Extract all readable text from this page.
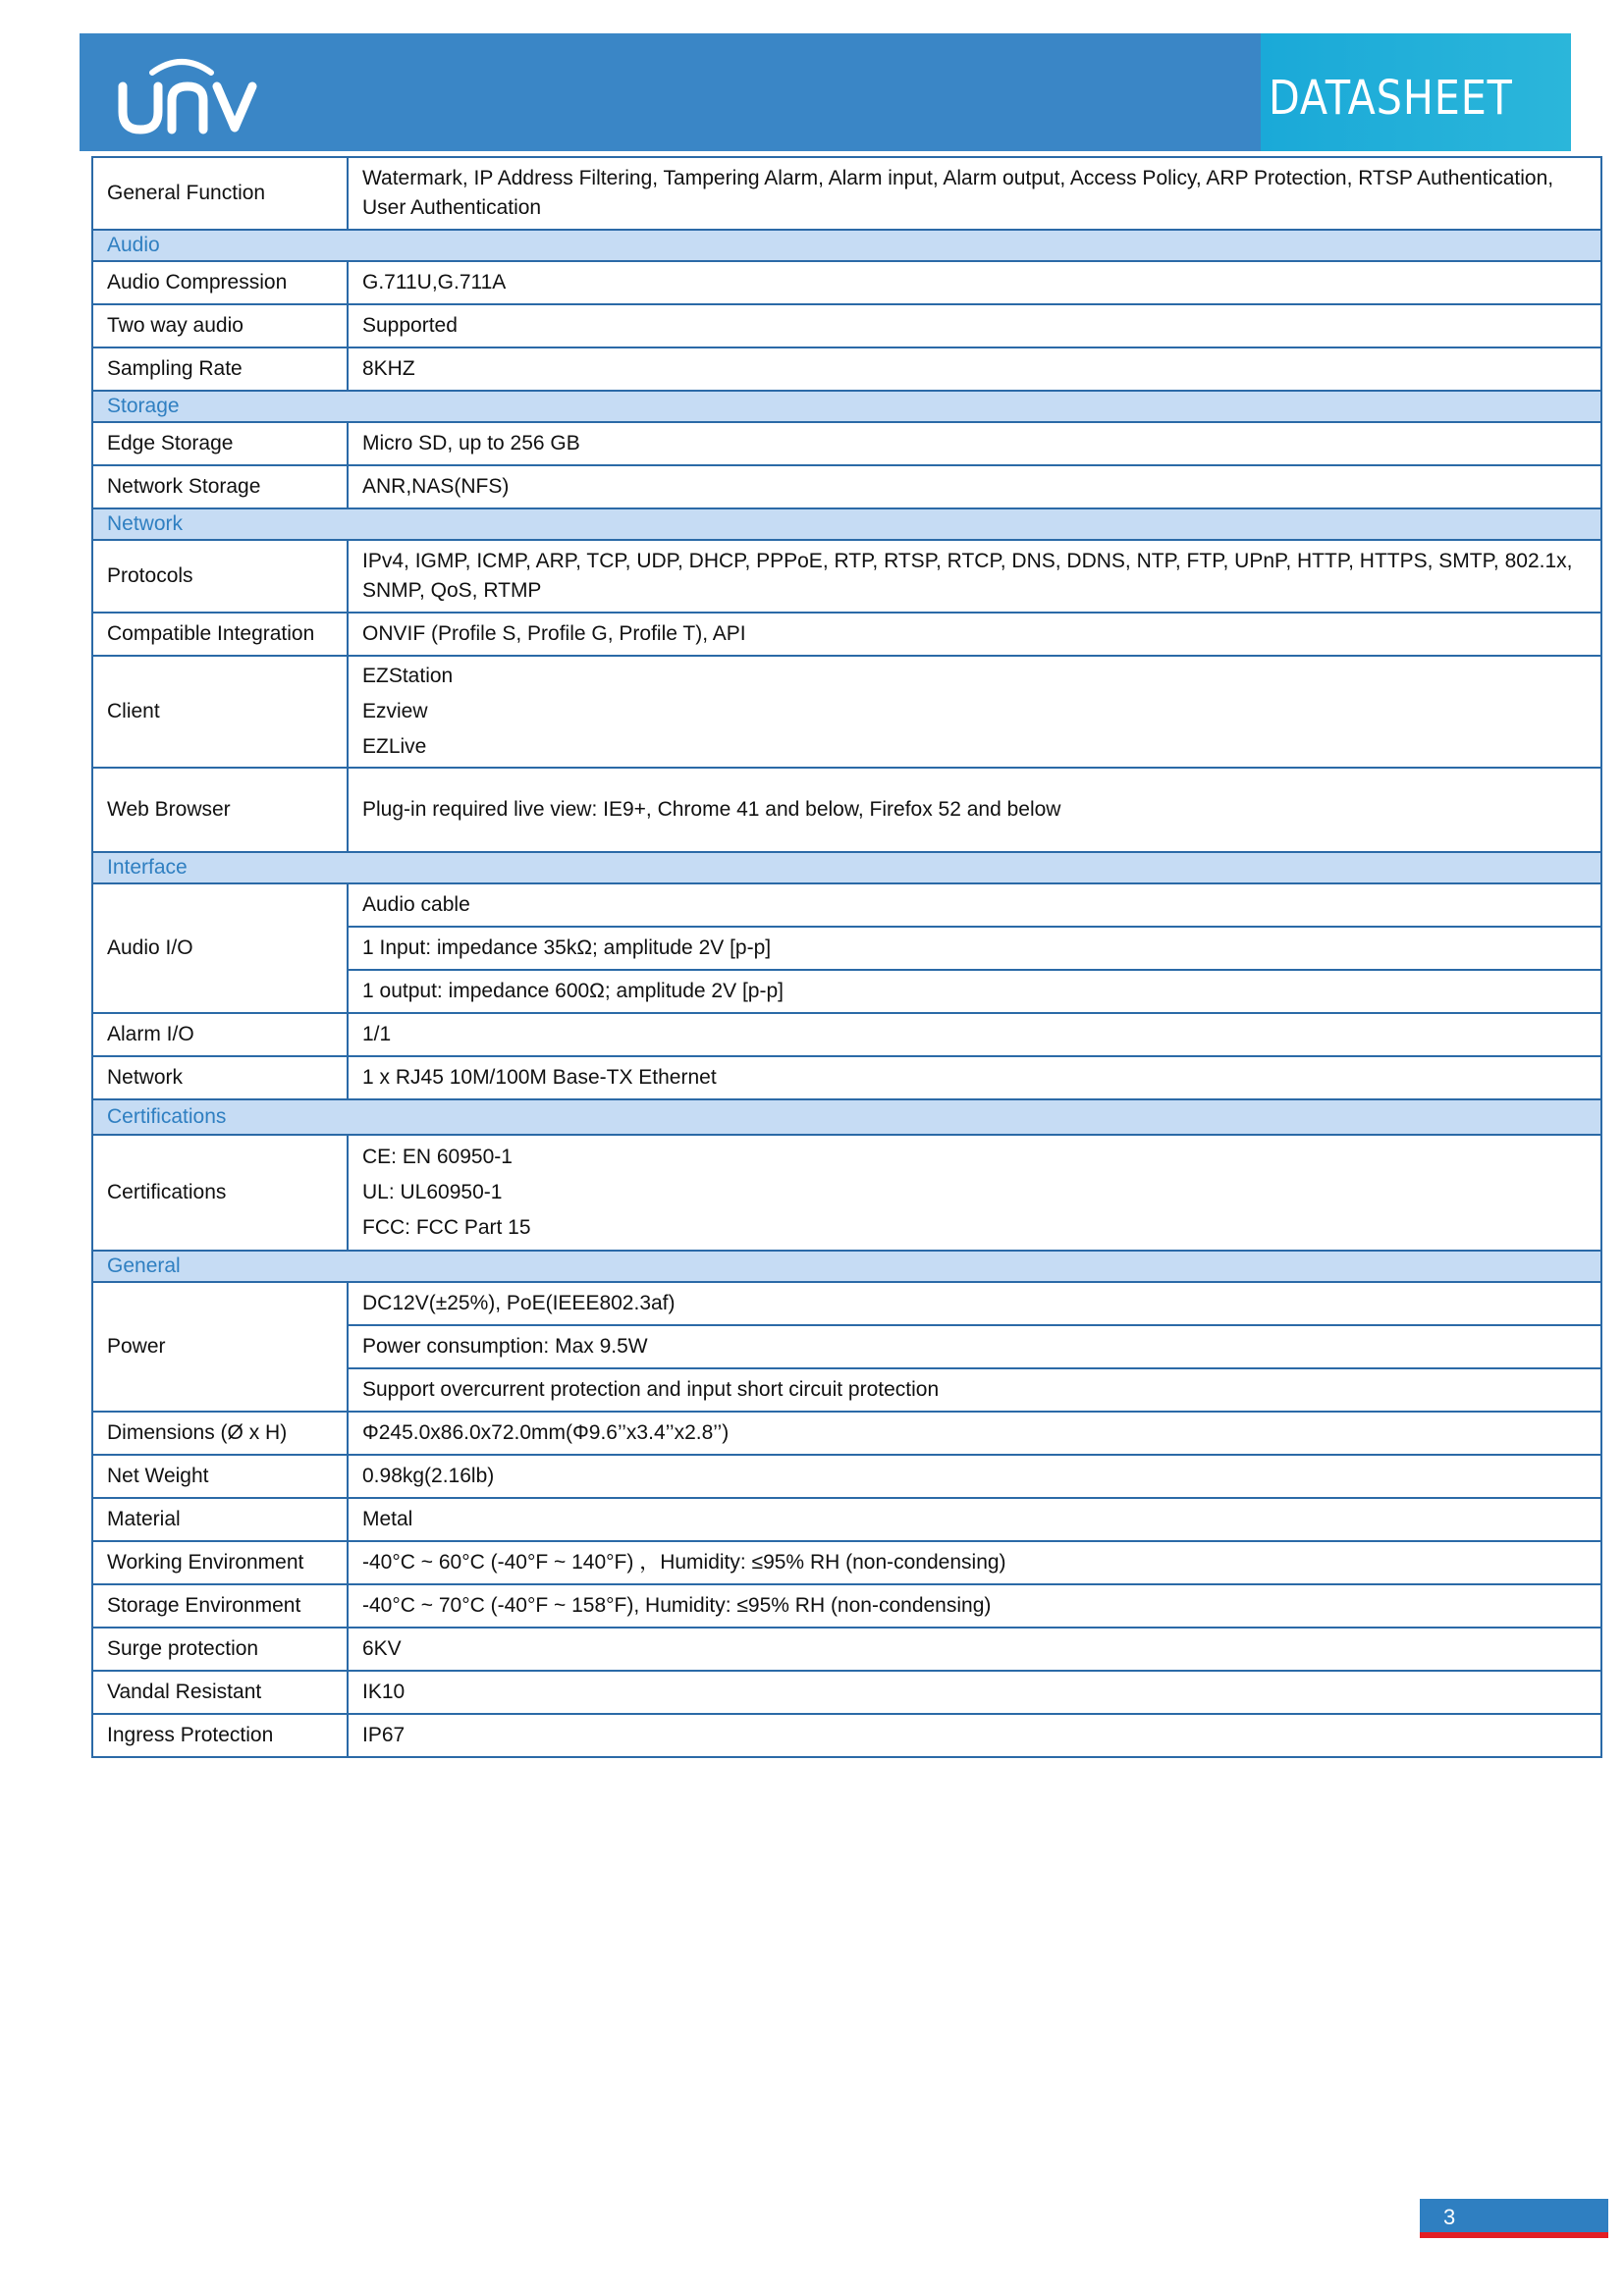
DATASHEET
General Function	Watermark, IP Address Filtering, Tampering Alarm, Alarm input, Alarm output, Access Policy, ARP Protection, RTSP Authentication, User Authentication
Audio	
Audio Compression	G.711U,G.711A
Two way audio	Supported
Sampling Rate	8KHZ
Storage	
Edge Storage	Micro SD, up to 256 GB
Network Storage	ANR,NAS(NFS)
Network	
Protocols	IPv4, IGMP, ICMP, ARP, TCP, UDP, DHCP, PPPoE, RTP, RTSP, RTCP, DNS, DDNS, NTP, FTP, UPnP, HTTP, HTTPS, SMTP, 802.1x, SNMP, QoS, RTMP
Compatible Integration	ONVIF (Profile S, Profile G, Profile T), API
Client	EZStation
Ezview
EZLive

Web Browser	Plug-in required live view: IE9+, Chrome 41 and below, Firefox 52 and below
Interface	
Audio I/O	Audio cable
	1 Input: impedance 35kΩ; amplitude 2V [p-p]
	1 output: impedance 600Ω; amplitude 2V [p-p]
Alarm I/O	1/1
Network	1 x RJ45 10M/100M Base-TX Ethernet
Certifications	
Certifications	CE: EN 60950-1
UL: UL60950-1
FCC: FCC Part 15

General	
Power	DC12V(±25%), PoE(IEEE802.3af)
	Power consumption: Max 9.5W
	Support overcurrent protection and input short circuit protection
Dimensions (Ø x H)	Φ245.0x86.0x72.0mm(Φ9.6’’x3.4’’x2.8’’)
Net Weight	0.98kg(2.16lb)
Material	Metal
Working Environment	-40°C ~ 60°C (-40°F ~ 140°F) ，Humidity: ≤95% RH (non-condensing)
Storage Environment	-40°C ~ 70°C (-40°F ~ 158°F), Humidity: ≤95% RH (non-condensing)
Surge protection	6KV
Vandal Resistant	IK10
Ingress Protection	IP67
3
